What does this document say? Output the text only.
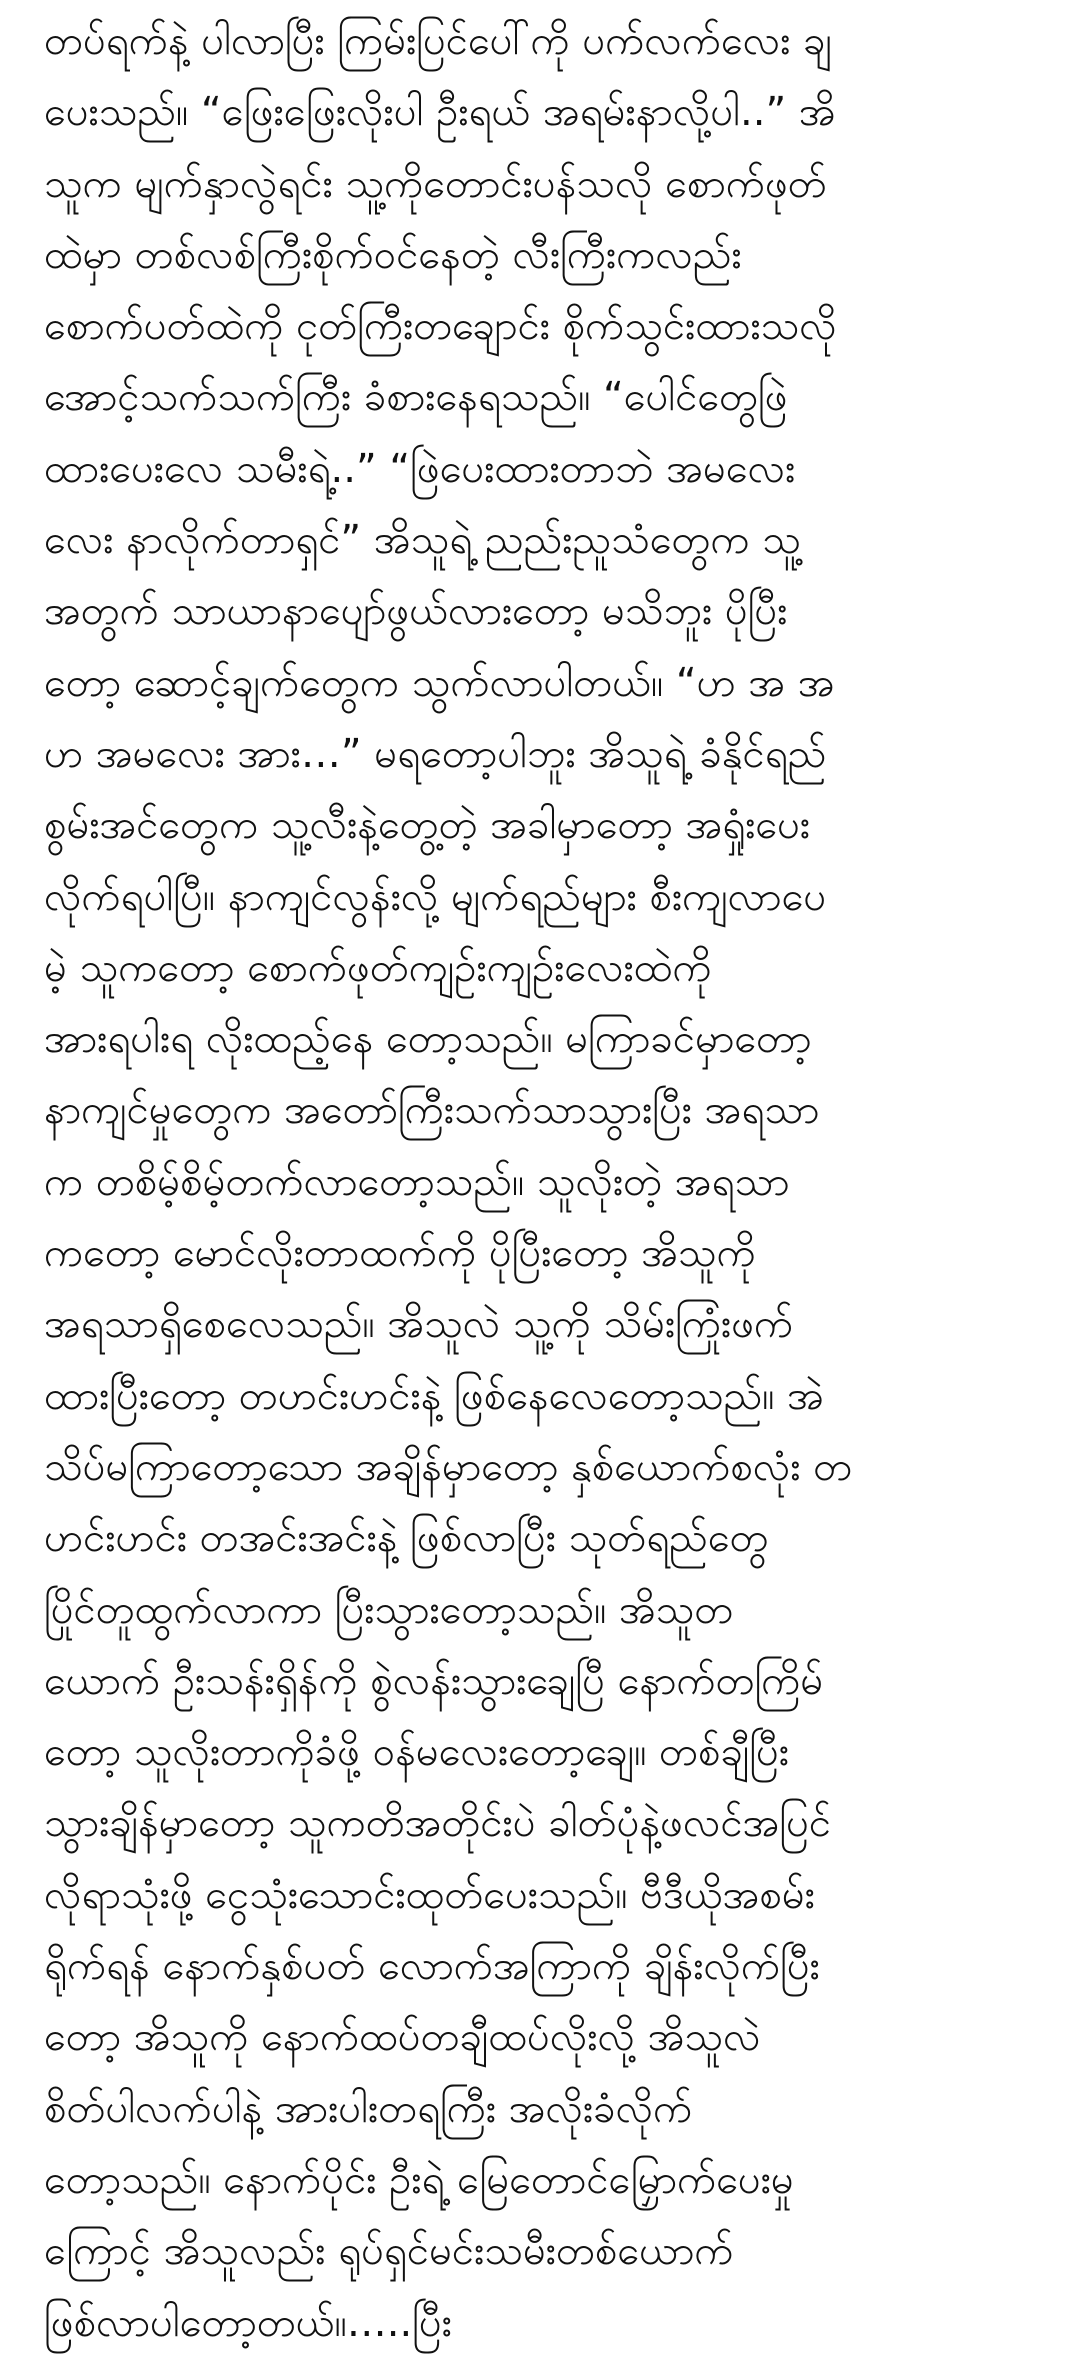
တပ်ရက်နဲ့ ပါလာပြီး ကြမ်းပြင်ပေါ်ကို ပက်လက်လေး ချ
ပေးသည်။ “ဖြေးဖြေးလိုးပါ ဦးရယ် အရမ်းနာလို့ပါ..” အိ
သူက မျက်နှာလွဲရင်း သူ့ကိုတောင်းပန်သလို စောက်ဖုတ်
ထဲမှာ တစ်လစ်ကြီးစိုက်ဝင်နေတဲ့ လီးကြီးကလည်း
စောက်ပတ်ထဲကို ငုတ်ကြီးတချောင်း စိုက်သွင်းထားသလို
အောင့်သက်သက်ကြီး ခံစားနေရသည်။ “ပေါင်တွေဖြဲ
ထားပေးလေ သမီးရဲ့..” “ဖြဲပေးထားတာဘဲ အမလေး
လေး နာလိုက်တာရှင်” အိသူရဲ့ ညည်းညူသံတွေက သူ့
အတွက် သာယာနာပျော်ဖွယ်လားတော့ မသိဘူး ပိုပြီး
တော့ ဆောင့်ချက်တွေက သွက်လာပါတယ်။ “ဟ အ အ
ဟ အမလေး အား…” မရတော့ပါဘူး အိသူရဲ့ ခံနိုင်ရည်
စွမ်းအင်တွေက သူ့လီးနဲ့တွေ့တဲ့ အခါမှာတော့ အရှုံးပေး
လိုက်ရပါပြီ။ နာကျင်လွန်းလို့ မျက်ရည်များ စီးကျလာပေ
မဲ့ သူကတော့ စောက်ဖုတ်ကျဉ်းကျဉ်းလေးထဲကို
အားရပါးရ လိုးထည့်နေ တော့သည်။ မကြာခင်မှာတော့
နာကျင်မှုတွေက အတော်ကြီးသက်သာသွားပြီး အရသာ
က တစိမ့်စိမ့်တက်လာတော့သည်။ သူလိုးတဲ့ အရသာ
ကတော့ မောင်လိုးတာထက်ကို ပိုပြီးတော့ အိသူကို
အရသာရှိစေလေသည်။ အိသူလဲ သူ့ကို သိမ်းကြုံးဖက်
ထားပြီးတော့ တဟင်းဟင်းနဲ့ ဖြစ်နေလေတော့သည်။ အဲ
သိပ်မကြာတော့သော အချိန်မှာတော့ နှစ်ယောက်စလုံး တ
ဟင်းဟင်း တအင်းအင်းနဲ့ ဖြစ်လာပြီး သုတ်ရည်တွေ
ပြိုင်တူထွက်လာကာ ပြီးသွားတော့သည်။ အိသူတ
ယောက် ဦးသန်းရှိန်ကို စွဲလန်းသွားချေပြီ နောက်တကြိမ်
တော့ သူလိုးတာကိုခံဖို့ ဝန်မလေးတော့ချေ။ တစ်ချီပြီး
သွားချိန်မှာတော့ သူကတိအတိုင်းပဲ ခါတ်ပုံနဲ့ဖလင်အပြင်
လိုရာသုံးဖို့ ငွေသုံးသောင်းထုတ်ပေးသည်။ ဗီဒီယိုအစမ်း
ရိုက်ရန် နောက်နှစ်ပတ် လောက်အကြာကို ချိန်းလိုက်ပြီး
တော့ အိသူကို နောက်ထပ်တချီထပ်လိုးလို့ အိသူလဲ
စိတ်ပါလက်ပါနဲ့ အားပါးတရကြီး အလိုးခံလိုက်
တော့သည်။ နောက်ပိုင်း ဦးရဲ့ မြေတောင်မြှောက်ပေးမှု
ကြောင့် အိသူလည်း ရုပ်ရှင်မင်းသမီးတစ်ယောက်
ဖြစ်လာပါတော့တယ်။…..ပြီး
